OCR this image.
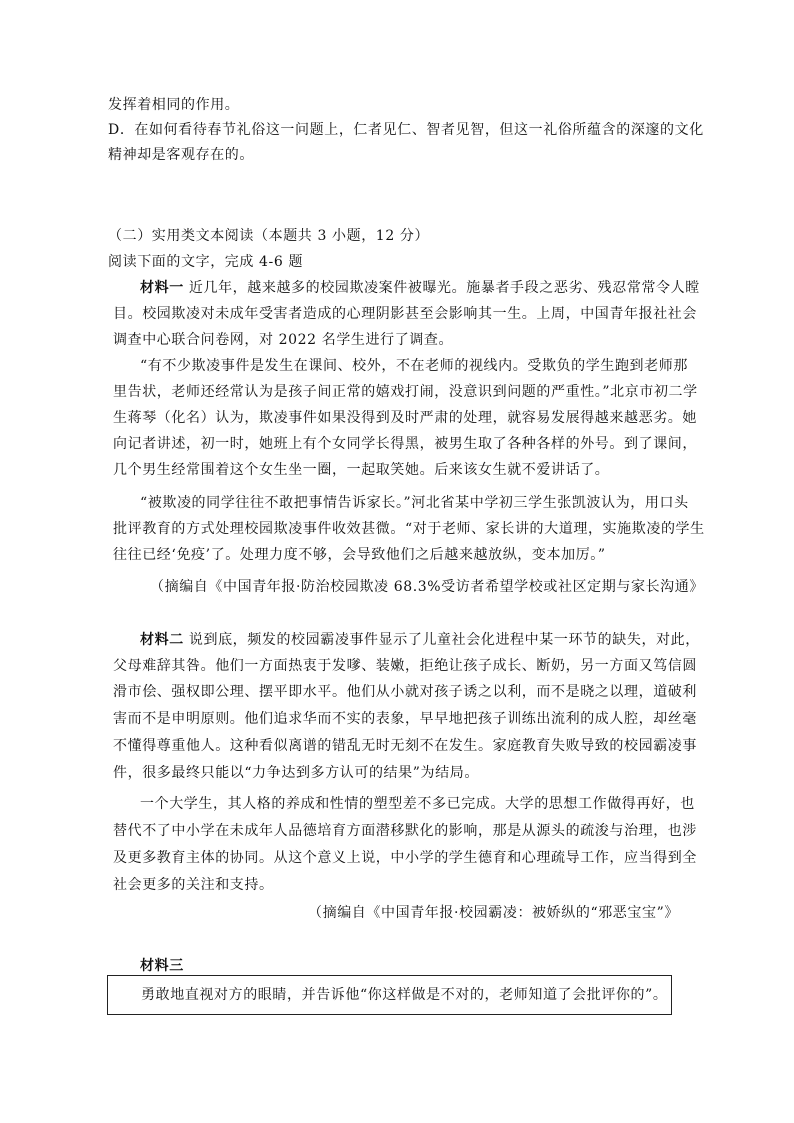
发挥着相同的作用。
D．在如何看待春节礼俗这一问题上，仁者见仁、智者见智，但这一礼俗所蕴含的深邃的文化
精神却是客观存在的。
（二）实用类文本阅读（本题共 3 小题，12 分）
阅读下面的文字，完成 4-6 题
材料一 近几年，越来越多的校园欺凌案件被曝光。施暴者手段之恶劣、残忍常常令人瞠
目。校园欺凌对未成年受害者造成的心理阴影甚至会影响其一生。上周，中国青年报社社会
调查中心联合问卷网，对 2022 名学生进行了调查。
“有不少欺凌事件是发生在课间、校外，不在老师的视线内。受欺负的学生跑到老师那
里告状，老师还经常认为是孩子间正常的嬉戏打闹，没意识到问题的严重性。”北京市初二学
生蒋琴（化名）认为，欺凌事件如果没得到及时严肃的处理，就容易发展得越来越恶劣。她
向记者讲述，初一时，她班上有个女同学长得黑，被男生取了各种各样的外号。到了课间，
几个男生经常围着这个女生坐一圈，一起取笑她。后来该女生就不爱讲话了。
“被欺凌的同学往往不敢把事情告诉家长。”河北省某中学初三学生张凯波认为，用口头
批评教育的方式处理校园欺凌事件收效甚微。“对于老师、家长讲的大道理，实施欺凌的学生
往往已经‘免疫’了。处理力度不够，会导致他们之后越来越放纵，变本加厉。”
（摘编自《中国青年报·防治校园欺凌 68.3%受访者希望学校或社区定期与家长沟通》
材料二 说到底，频发的校园霸凌事件显示了儿童社会化进程中某一环节的缺失，对此，
父母难辞其咎。他们一方面热衷于发嗲、装嫩，拒绝让孩子成长、断奶，另一方面又笃信圆
滑市侩、强权即公理、摆平即水平。他们从小就对孩子诱之以利，而不是晓之以理，道破利
害而不是申明原则。他们追求华而不实的表象，早早地把孩子训练出流利的成人腔，却丝毫
不懂得尊重他人。这种看似离谱的错乱无时无刻不在发生。家庭教育失败导致的校园霸凌事
件，很多最终只能以“力争达到多方认可的结果”为结局。
一个大学生，其人格的养成和性情的塑型差不多已完成。大学的思想工作做得再好，也
替代不了中小学在未成年人品德培育方面潜移默化的影响，那是从源头的疏浚与治理，也涉
及更多教育主体的协同。从这个意义上说，中小学的学生德育和心理疏导工作，应当得到全
社会更多的关注和支持。
（摘编自《中国青年报·校园霸凌：被娇纵的“邪恶宝宝”》
材料三
勇敢地直视对方的眼睛，并告诉他“你这样做是不对的，老师知道了会批评你的”。
